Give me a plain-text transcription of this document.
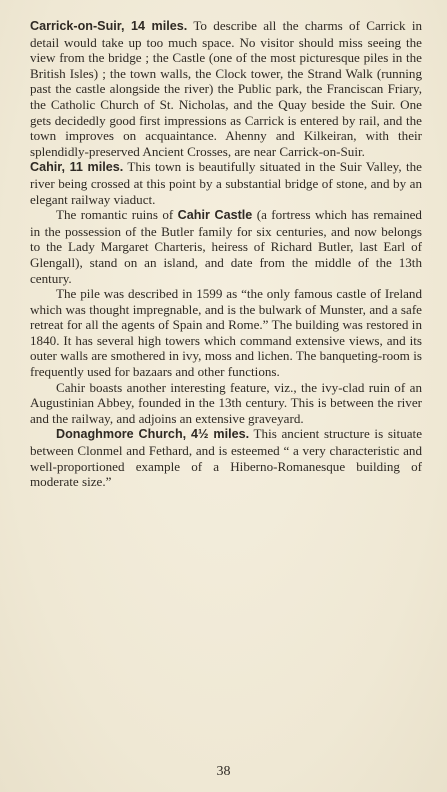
Carrick-on-Suir, 14 miles. To describe all the charms of Carrick in detail would take up too much space. No visitor should miss seeing the view from the bridge ; the Castle (one of the most picturesque piles in the British Isles) ; the town walls, the Clock tower, the Strand Walk (running past the castle alongside the river) the Public park, the Franciscan Friary, the Catholic Church of St. Nicholas, and the Quay beside the Suir. One gets decidedly good first impressions as Carrick is entered by rail, and the town improves on acquaintance. Ahenny and Kilkeiran, with their splendidly-preserved Ancient Crosses, are near Carrick-on-Suir.

Cahir, 11 miles. This town is beautifully situated in the Suir Valley, the river being crossed at this point by a substantial bridge of stone, and by an elegant railway viaduct.

The romantic ruins of Cahir Castle (a fortress which has remained in the possession of the Butler family for six centuries, and now belongs to the Lady Margaret Charteris, heiress of Richard Butler, last Earl of Glengall), stand on an island, and date from the middle of the 13th century.

The pile was described in 1599 as “the only famous castle of Ireland which was thought impregnable, and is the bulwark of Munster, and a safe retreat for all the agents of Spain and Rome.” The building was restored in 1840. It has several high towers which command extensive views, and its outer walls are smothered in ivy, moss and lichen. The banqueting-room is frequently used for bazaars and other functions.

Cahir boasts another interesting feature, viz., the ivy-clad ruin of an Augustinian Abbey, founded in the 13th century. This is between the river and the railway, and adjoins an extensive graveyard.

Donaghmore Church, 4½ miles. This ancient structure is situate between Clonmel and Fethard, and is esteemed “ a very characteristic and well-proportioned example of a Hiberno-Romanesque building of moderate size.”

38
